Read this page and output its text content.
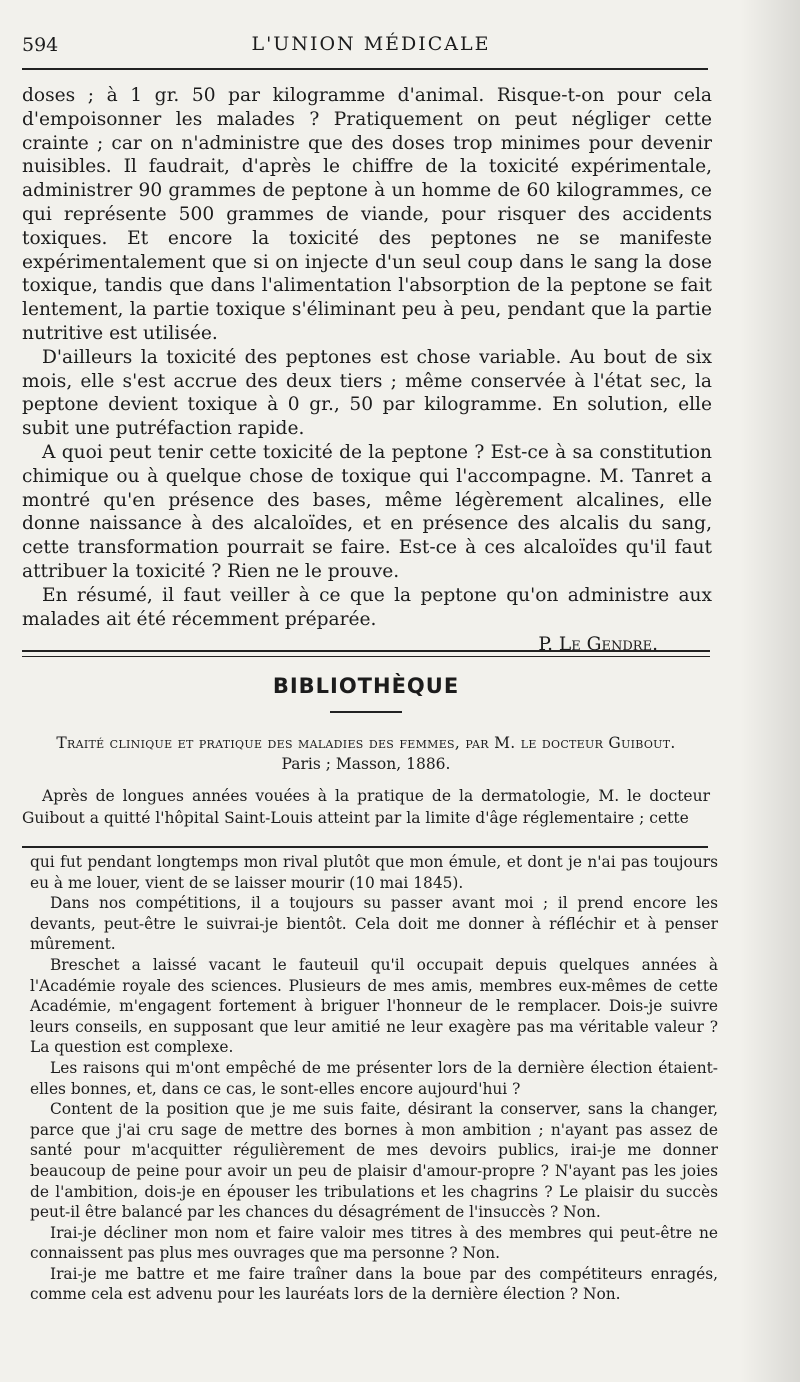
594	L'UNION MÉDICALE

doses ; à 1 gr. 50 par kilogramme d'animal. Risque-t-on pour cela d'empoisonner les malades ? Pratiquement on peut négliger cette crainte ; car on n'administre que des doses trop minimes pour devenir nuisibles. Il faudrait, d'après le chiffre de la toxicité expérimentale, administrer 90 grammes de peptone à un homme de 60 kilogrammes, ce qui représente 500 grammes de viande, pour risquer des accidents toxiques. Et encore la toxicité des peptones ne se manifeste expérimentalement que si on injecte d'un seul coup dans le sang la dose toxique, tandis que dans l'alimentation l'absorption de la peptone se fait lentement, la partie toxique s'éliminant peu à peu, pendant que la partie nutritive est utilisée.

D'ailleurs la toxicité des peptones est chose variable. Au bout de six mois, elle s'est accrue des deux tiers ; même conservée à l'état sec, la peptone devient toxique à 0 gr., 50 par kilogramme. En solution, elle subit une putréfaction rapide.

A quoi peut tenir cette toxicité de la peptone ? Est-ce à sa constitution chimique ou à quelque chose de toxique qui l'accompagne. M. Tanret a montré qu'en présence des bases, même légèrement alcalines, elle donne naissance à des alcaloïdes, et en présence des alcalis du sang, cette transformation pourrait se faire. Est-ce à ces alcaloïdes qu'il faut attribuer la toxicité ? Rien ne le prouve.

En résumé, il faut veiller à ce que la peptone qu'on administre aux malades ait été récemment préparée.

P. Le Gendre.

BIBLIOTHÈQUE
Traité clinique et pratique des maladies des femmes, par M. le docteur Guibout.
Paris ; Masson, 1886.

Après de longues années vouées à la pratique de la dermatologie, M. le docteur Guibout a quitté l'hôpital Saint-Louis atteint par la limite d'âge réglementaire ; cette

qui fut pendant longtemps mon rival plutôt que mon émule, et dont je n'ai pas toujours eu à me louer, vient de se laisser mourir (10 mai 1845).

Dans nos compétitions, il a toujours su passer avant moi ; il prend encore les devants, peut-être le suivrai-je bientôt. Cela doit me donner à réfléchir et à penser mûrement.

Breschet a laissé vacant le fauteuil qu'il occupait depuis quelques années à l'Académie royale des sciences. Plusieurs de mes amis, membres eux-mêmes de cette Académie, m'engagent fortement à briguer l'honneur de le remplacer. Dois-je suivre leurs conseils, en supposant que leur amitié ne leur exagère pas ma véritable valeur ? La question est complexe.

Les raisons qui m'ont empêché de me présenter lors de la dernière élection étaient-elles bonnes, et, dans ce cas, le sont-elles encore aujourd'hui ?

Content de la position que je me suis faite, désirant la conserver, sans la changer, parce que j'ai cru sage de mettre des bornes à mon ambition ; n'ayant pas assez de santé pour m'acquitter régulièrement de mes devoirs publics, irai-je me donner beaucoup de peine pour avoir un peu de plaisir d'amour-propre ? N'ayant pas les joies de l'ambition, dois-je en épouser les tribulations et les chagrins ? Le plaisir du succès peut-il être balancé par les chances du désagrément de l'insuccès ? Non.

Irai-je décliner mon nom et faire valoir mes titres à des membres qui peut-être ne connaissent pas plus mes ouvrages que ma personne ? Non.

Irai-je me battre et me faire traîner dans la boue par des compétiteurs enragés, comme cela est advenu pour les lauréats lors de la dernière élection ? Non.
